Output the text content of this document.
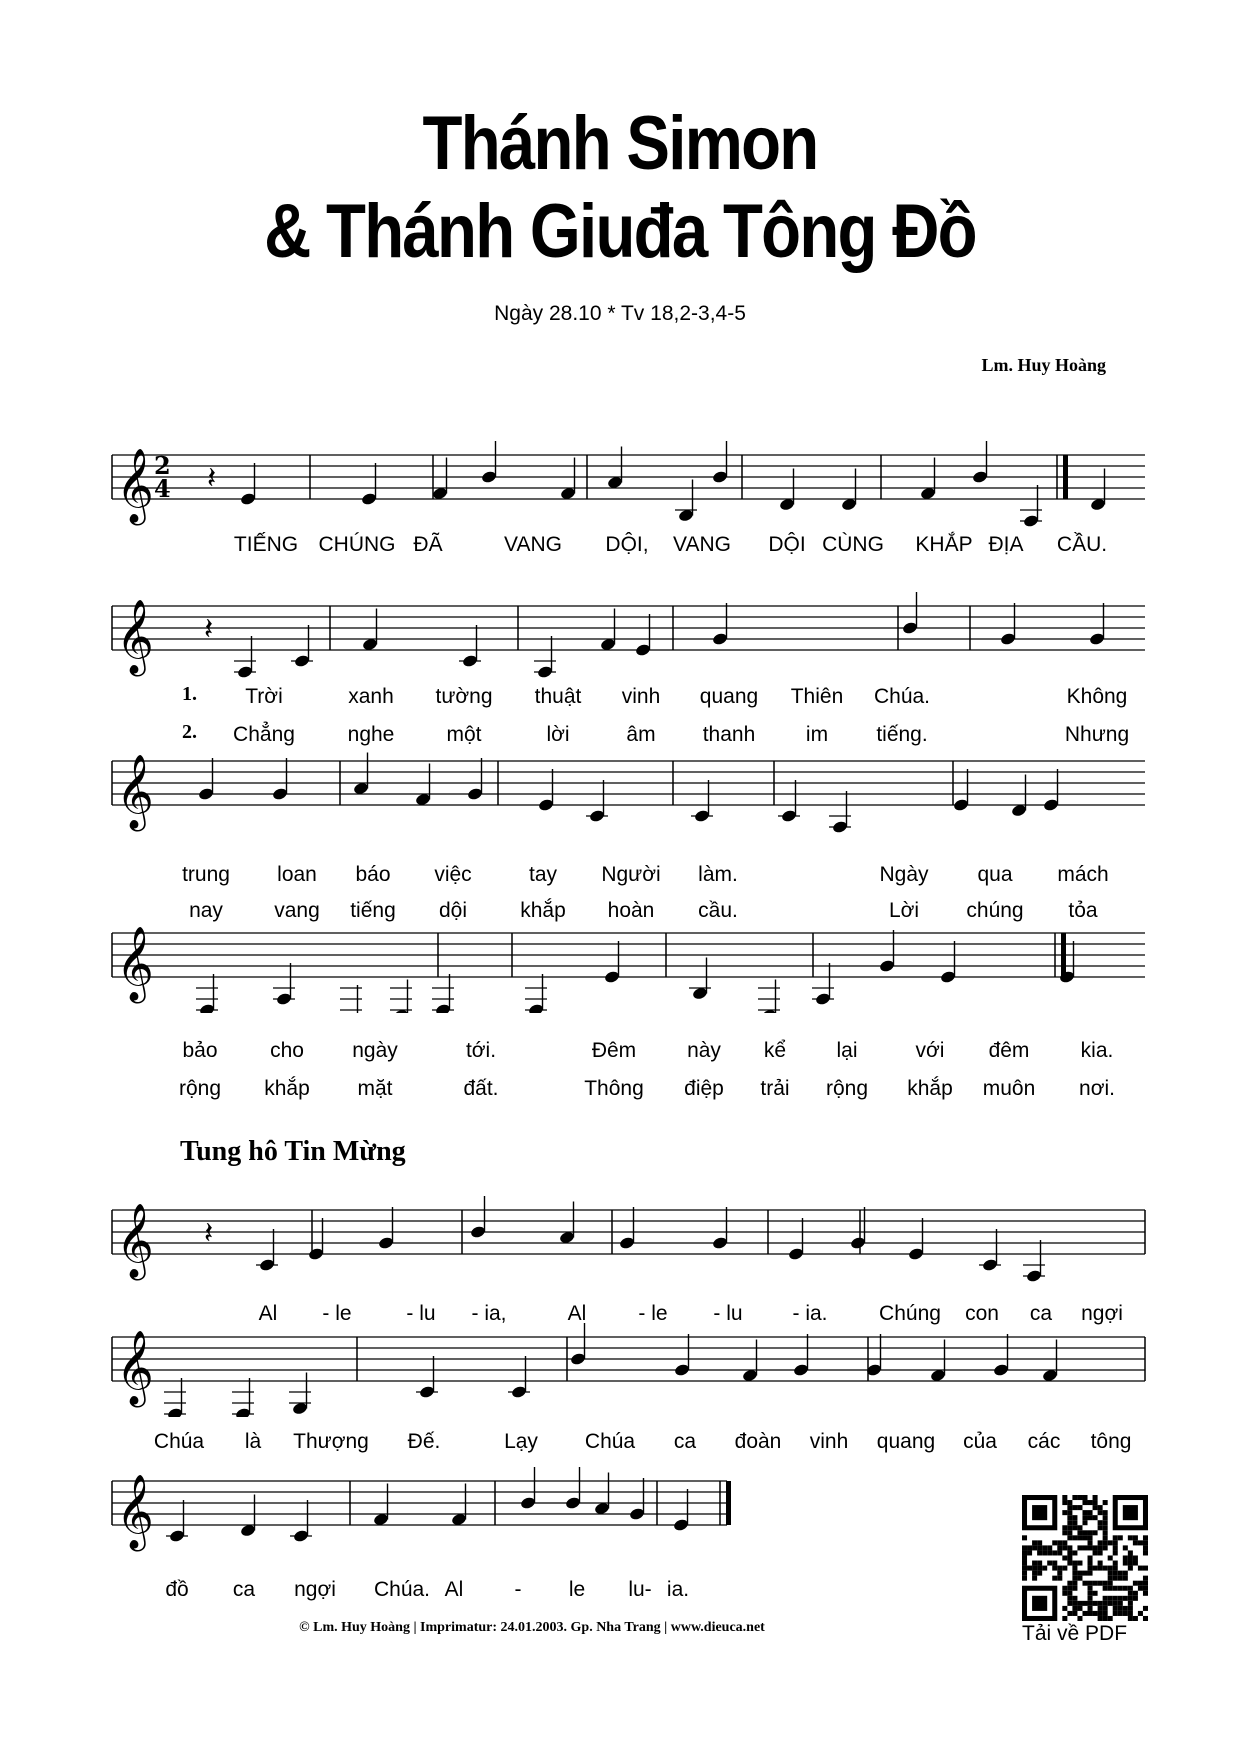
Thánh Simon
& Thánh Giuđa Tông Đồ
Ngày 28.10 * Tv 18,2-3,4-5
Lm. Huy Hoàng
𝄞 2
4 𝄽
TIẾNG CHÚNG ĐÃ	VANG DỘI, VANG DỘI CÙNG KHẮP ĐỊA CẦU.
𝄞 𝄽
1.
2.
Trời	xanh tường thuật vinh quang Thiên Chúa.	Không
Chẳng	nghe một	lời	âm thanh im tiếng.	Nhưng
𝄞
trung loan báo việc	tay Người làm.	Ngày qua mách
nay vang tiếng dội	khắp hoàn cầu.	Lời chúng tỏa
𝄞
bảo	cho ngày	tới.	Đêm này kể lại	với đêm kia.
rộng khắp mặt	đất.	Thông điệp trải rộng khắp muôn nơi.
𝄞 𝄽
Al - le	- lu - ia,	Al - le - lu - ia. Chúng con ca ngợi
𝄞
Chúa là Thượng Đế.	Lạy Chúa ca đoàn vinh quang của các tông
𝄞
đồ ca ngợi Chúa. Al - le lu- ia.
Tung hô Tin Mừng
Tải về PDF
© Lm. Huy Hoàng | Imprimatur: 24.01.2003. Gp. Nha Trang | www.dieuca.net
